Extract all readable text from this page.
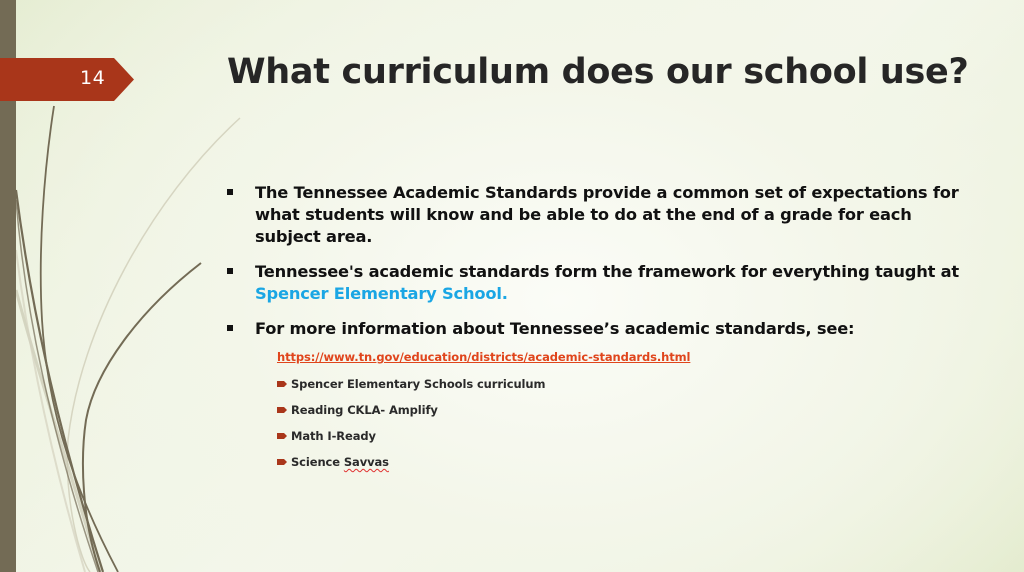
14	What curriculum does our school use?
The Tennessee Academic Standards provide a common set of expectations for what students will know and be able to do at the end of a grade for each subject area.
Tennessee's academic standards form the framework for everything taught at Spencer Elementary School.
For more information about Tennessee’s academic standards, see:
https://www.tn.gov/education/districts/academic-standards.html
Spencer Elementary Schools curriculum
Reading CKLA- Amplify
Math I-Ready
Science Savvas
